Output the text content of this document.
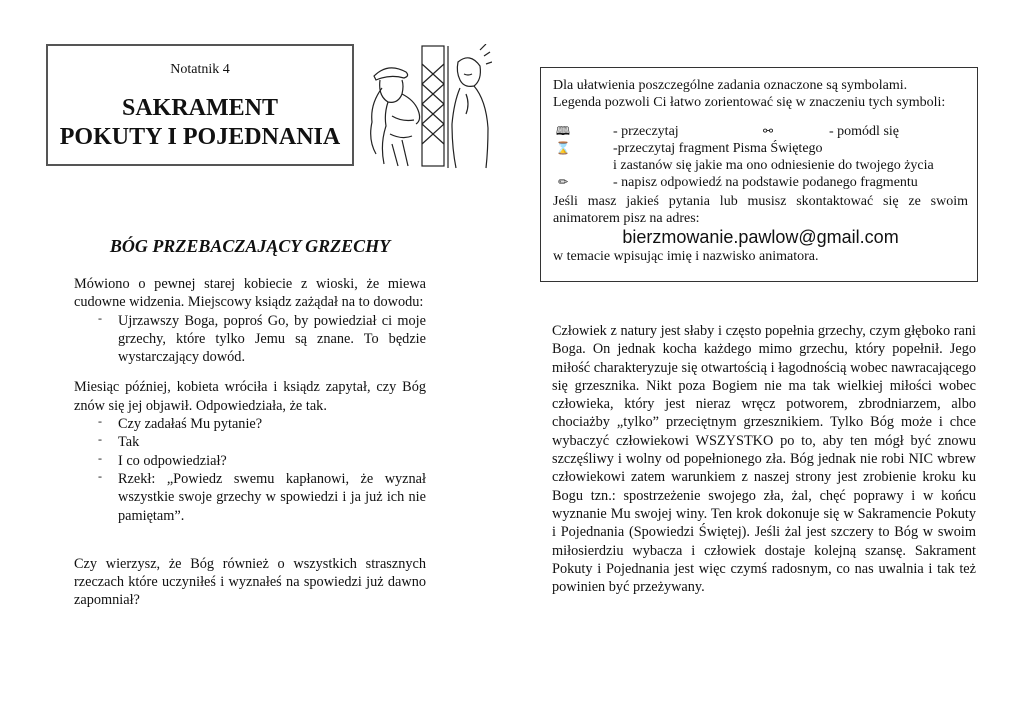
Notatnik 4
SAKRAMENT
POKUTY I POJEDNANIA
BÓG PRZEBACZAJĄCY GRZECHY

Mówiono o pewnej starej kobiecie z wioski, że miewa cudowne widzenia. Miejscowy ksiądz zażądał na to dowodu:

- Ujrzawszy Boga, poproś Go, by powiedział ci moje grzechy, które tylko Jemu są znane. To będzie wystarczający dowód.

Miesiąc później, kobieta wróciła i ksiądz zapytał, czy Bóg znów się jej objawił. Odpowiedziała, że tak.

- Czy zadałaś Mu pytanie?
- Tak
- I co odpowiedział?
- Rzekł: „Powiedz swemu kapłanowi, że wyznał wszystkie swoje grzechy w spowiedzi i ja już ich nie pamiętam”.

Czy wierzysz, że Bóg również o wszystkich strasznych rzeczach które uczyniłeś i wyznałeś na spowiedzi już dawno zapomniał?

Dla ułatwienia poszczególne zadania oznaczone są symbolami.

Legenda pozwoli Ci łatwo zorientować się w znaczeniu tych symboli:

🕮	- przeczytaj	⚯	- pomódl się
⌛	-przeczytaj fragment Pisma Świętego
i zastanów się jakie ma ono odniesienie do twojego życia
✏	- napisz odpowiedź na podstawie podanego fragmentu

Jeśli masz jakieś pytania lub musisz skontaktować się ze swoim animatorem pisz na adres:

bierzmowanie.pawlow@gmail.com

w temacie wpisując imię i nazwisko animatora.

Człowiek z natury jest słaby i często popełnia grzechy, czym głęboko rani Boga. On jednak kocha każdego mimo grzechu, który popełnił. Jego miłość charakteryzuje się otwartością i łagodnością wobec nawracającego się grzesznika. Nikt poza Bogiem nie ma tak wielkiej miłości wobec człowieka, który jest nieraz wręcz potworem, zbrodniarzem, albo chociażby „tylko” przeciętnym grzesznikiem. Tylko Bóg może i chce wybaczyć człowiekowi WSZYSTKO po to, aby ten mógł być znowu szczęśliwy i wolny od popełnionego zła. Bóg jednak nie robi NIC wbrew człowiekowi zatem warunkiem z naszej strony jest zrobienie kroku ku Bogu tzn.: spostrzeżenie swojego zła, żal, chęć poprawy i w końcu wyznanie Mu swojej winy. Ten krok dokonuje się w Sakramencie Pokuty i Pojednania (Spowiedzi Świętej). Jeśli żal jest szczery to Bóg w swoim miłosierdziu wybacza i człowiek dostaje kolejną szansę. Sakrament Pokuty i Pojednania jest więc czymś radosnym, co nas uwalnia i tak też powinien być przeżywany.
